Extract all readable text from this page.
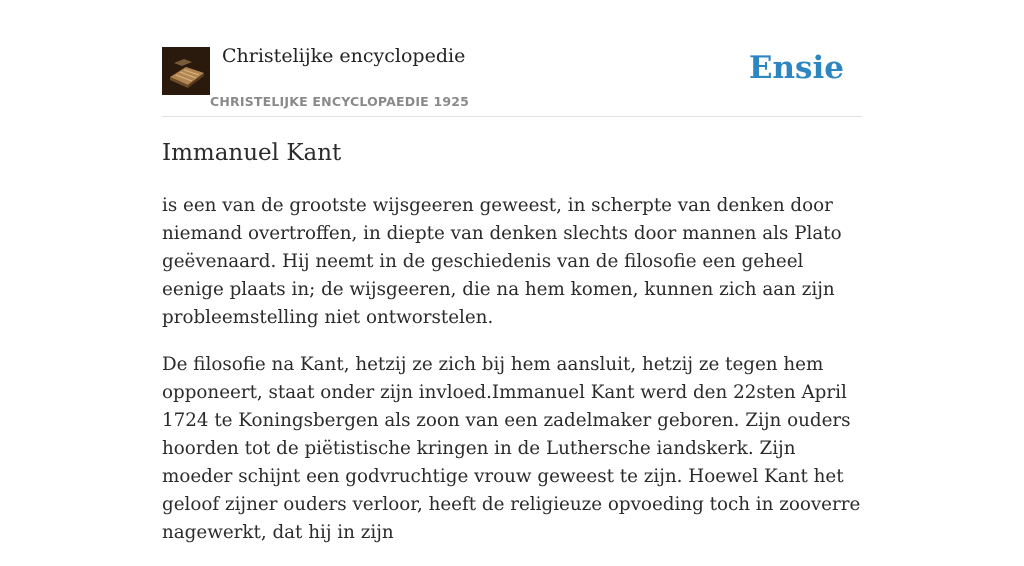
Christelijke encyclopedie
CHRISTELIJKE ENCYCLOPAEDIE 1925
Ensie
Immanuel Kant

is een van de grootste wijsgeeren geweest, in scherpte van denken door niemand overtroffen, in diepte van denken slechts door mannen als Plato geëvenaard. Hij neemt in de geschiedenis van de filosofie een geheel eenige plaats in; de wijsgeeren, die na hem komen, kunnen zich aan zijn probleemstelling niet ontworstelen.

De filosofie na Kant, hetzij ze zich bij hem aansluit, hetzij ze tegen hem opponeert, staat onder zijn invloed.Immanuel Kant werd den 22sten April 1724 te Koningsbergen als zoon van een zadelmaker geboren. Zijn ouders hoorden tot de piëtistische kringen in de Luthersche iandskerk. Zijn moeder schijnt een godvruchtige vrouw geweest te zijn. Hoewel Kant het geloof zijner ouders verloor, heeft de religieuze opvoeding toch in zooverre nagewerkt, dat hij in zijn
